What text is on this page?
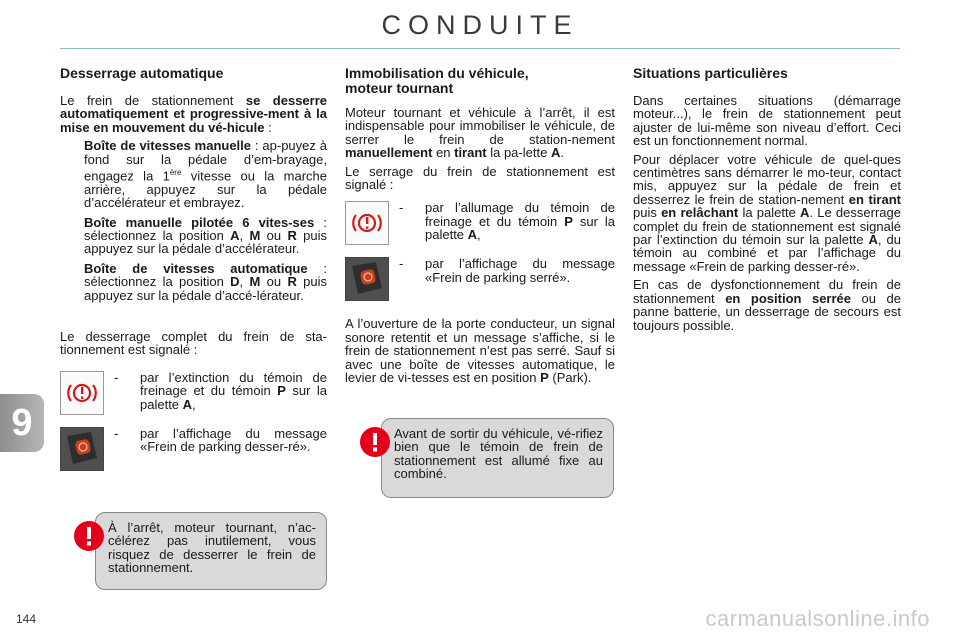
CONDUITE
9
Desserrage automatique

Le frein de stationnement se desserre automatiquement et progressive-ment à la mise en mouvement du vé-hicule :

Boîte de vitesses manuelle : ap-puyez à fond sur la pédale d’em-brayage, engagez la 1ère vitesse ou la marche arrière, appuyez sur la pédale d’accélérateur et embrayez.
Boîte manuelle pilotée 6 vites-ses : sélectionnez la position A, M ou R puis appuyez sur la pédale d’accélérateur.
Boîte de vitesses automatique : sélectionnez la position D, M ou R puis appuyez sur la pédale d’accé-lérateur.

Le desserrage complet du frein de sta-tionnement est signalé :

- par l’extinction du témoin de freinage et du témoin P sur la palette A,
- par l’affichage du message «Frein de parking desser-ré».
À l’arrêt, moteur tournant, n’ac-célérez pas inutilement, vous risquez de desserrer le frein de stationnement.
Immobilisation du véhicule,
moteur tournant

Moteur tournant et véhicule à l’arrêt, il est indispensable pour immobiliser le véhicule, de serrer le frein de station-nement manuellement en tirant la pa-lette A.

Le serrage du frein de stationnement est signalé :

- par l’allumage du témoin de freinage et du témoin P sur la palette A,
- par l’affichage du message «Frein de parking serré».

A l’ouverture de la porte conducteur, un signal sonore retentit et un message s’affiche, si le frein de stationnement n’est pas serré. Sauf si avec une boîte de vitesses automatique, le levier de vi-tesses est en position P (Park).

Avant de sortir du véhicule, vé-rifiez bien que le témoin de frein de stationnement est allumé fixe au combiné.
Situations particulières

Dans certaines situations (démarrage moteur...), le frein de stationnement peut ajuster de lui-même son niveau d’effort. Ceci est un fonctionnement normal.

Pour déplacer votre véhicule de quel-ques centimètres sans démarrer le mo-teur, contact mis, appuyez sur la pédale de frein et desserrez le frein de station-nement en tirant puis en relâchant la palette A. Le desserrage complet du frein de stationnement est signalé par l’extinction du témoin sur la palette A, du témoin au combiné et par l’affichage du message «Frein de parking desser-ré».

En cas de dysfonctionnement du frein de stationnement en position serrée ou de panne batterie, un desserrage de secours est toujours possible.

144	carmanualsonline.info
